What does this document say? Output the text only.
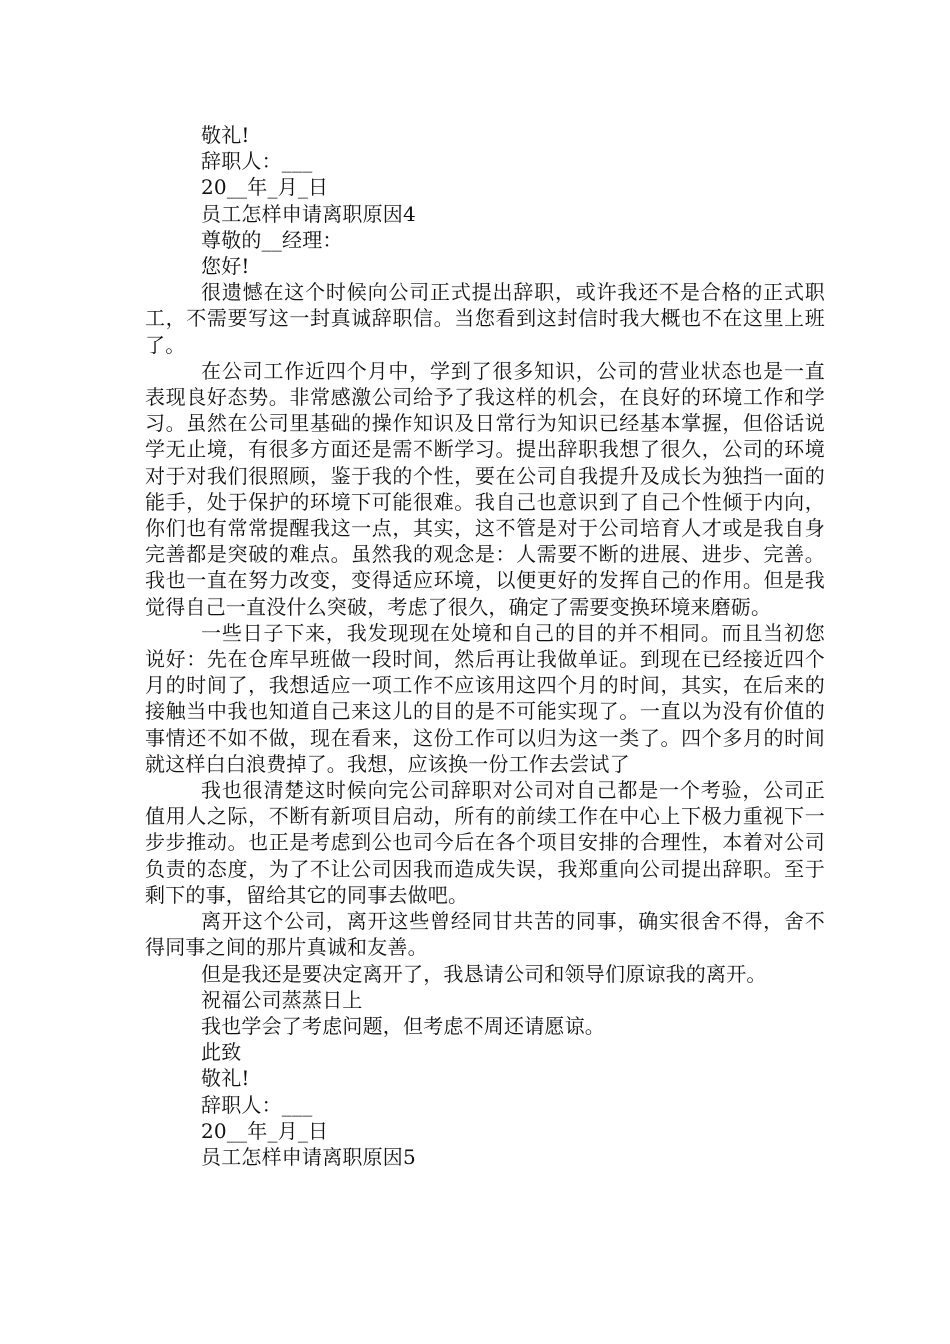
敬礼!

辞职人：___

20__年_月_日

员工怎样申请离职原因4

尊敬的__经理：

您好!

很遗憾在这个时候向公司正式提出辞职，或许我还不是合格的正式职工，不需要写这一封真诚辞职信。当您看到这封信时我大概也不在这里上班了。

在公司工作近四个月中，学到了很多知识，公司的营业状态也是一直表现良好态势。非常感激公司给予了我这样的机会，在良好的环境工作和学习。虽然在公司里基础的操作知识及日常行为知识已经基本掌握，但俗话说学无止境，有很多方面还是需不断学习。提出辞职我想了很久，公司的环境对于对我们很照顾，鉴于我的个性，要在公司自我提升及成长为独挡一面的能手，处于保护的环境下可能很难。我自己也意识到了自己个性倾于内向，你们也有常常提醒我这一点，其实，这不管是对于公司培育人才或是我自身完善都是突破的难点。虽然我的观念是：人需要不断的进展、进步、完善。我也一直在努力改变，变得适应环境，以便更好的发挥自己的作用。但是我觉得自己一直没什么突破，考虑了很久，确定了需要变换环境来磨砺。

一些日子下来，我发现现在处境和自己的目的并不相同。而且当初您说好：先在仓库早班做一段时间，然后再让我做单证。到现在已经接近四个月的时间了，我想适应一项工作不应该用这四个月的时间，其实，在后来的接触当中我也知道自己来这儿的目的是不可能实现了。一直以为没有价值的事情还不如不做，现在看来，这份工作可以归为这一类了。四个多月的时间就这样白白浪费掉了。我想，应该换一份工作去尝试了

我也很清楚这时候向完公司辞职对公司对自己都是一个考验，公司正值用人之际，不断有新项目启动，所有的前续工作在中心上下极力重视下一步步推动。也正是考虑到公也司今后在各个项目安排的合理性，本着对公司负责的态度，为了不让公司因我而造成失误，我郑重向公司提出辞职。至于剩下的事，留给其它的同事去做吧。

离开这个公司，离开这些曾经同甘共苦的同事，确实很舍不得，舍不得同事之间的那片真诚和友善。

但是我还是要决定离开了，我恳请公司和领导们原谅我的离开。

祝福公司蒸蒸日上

我也学会了考虑问题，但考虑不周还请愿谅。

此致

敬礼!

辞职人：___

20__年_月_日

员工怎样申请离职原因5
